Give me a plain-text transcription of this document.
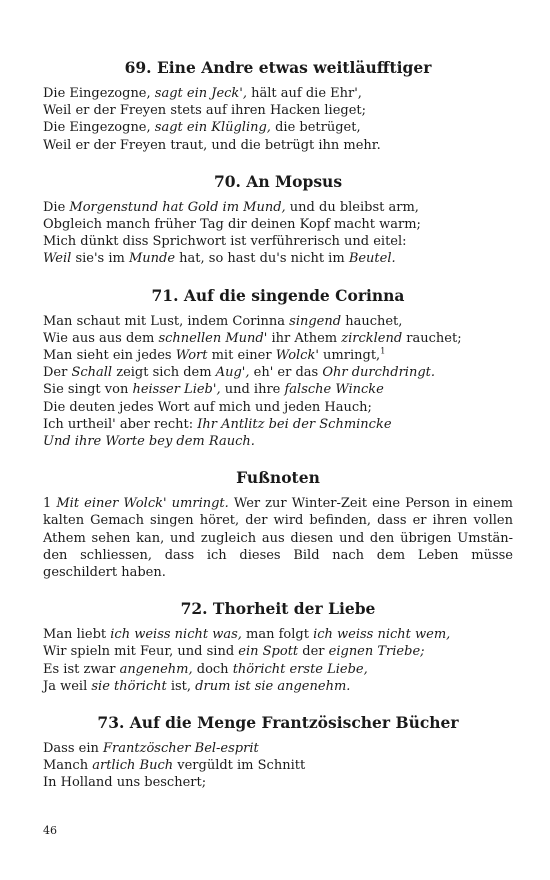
69. Eine Andre etwas weitläufftiger
Die Eingezogne, sagt ein Jeck', hält auf die Ehr',
Weil er der Freyen stets auf ihren Hacken lieget;
Die Eingezogne, sagt ein Klügling, die betrüget,
Weil er der Freyen traut, und die betrügt ihn mehr.
70. An Mopsus
Die Morgenstund hat Gold im Mund, und du bleibst arm,
Obgleich manch früher Tag dir deinen Kopf macht warm;
Mich dünkt diss Sprichwort ist verführerisch und eitel:
Weil sie's im Munde hat, so hast du's nicht im Beutel.
71. Auf die singende Corinna
Man schaut mit Lust, indem Corinna singend hauchet,
Wie aus aus dem schnellen Mund' ihr Athem zircklend rauchet;
Man sieht ein jedes Wort mit einer Wolck' umringt,$^1$
Der Schall zeigt sich dem Aug', eh' er das Ohr durchdringt.
Sie singt von heisser Lieb', und ihre falsche Wincke
Die deuten jedes Wort auf mich und jeden Hauch;
Ich urtheil' aber recht: Ihr Antlitz bei der Schmincke
Und ihre Worte bey dem Rauch.
Fußnoten
1 Mit einer Wolck' umringt. Wer zur Winter-Zeit eine Person in einem kalten Gemach singen höret, der wird befinden, dass er ihren vollen Athem sehen kan, und zugleich aus diesen und den übrigen Umstän-den schliessen, dass ich dieses Bild nach dem Leben müsse geschildert haben.
72. Thorheit der Liebe
Man liebt ich weiss nicht was, man folgt ich weiss nicht wem,
Wir spieln mit Feur, und sind ein Spott der eignen Triebe;
Es ist zwar angenehm, doch thöricht erste Liebe,
Ja weil sie thöricht ist, drum ist sie angenehm.
73. Auf die Menge Frantzösischer Bücher
Dass ein Frantzöscher Bel-esprit
Manch artlich Buch vergüldt im Schnitt
In Holland uns beschert;
46
